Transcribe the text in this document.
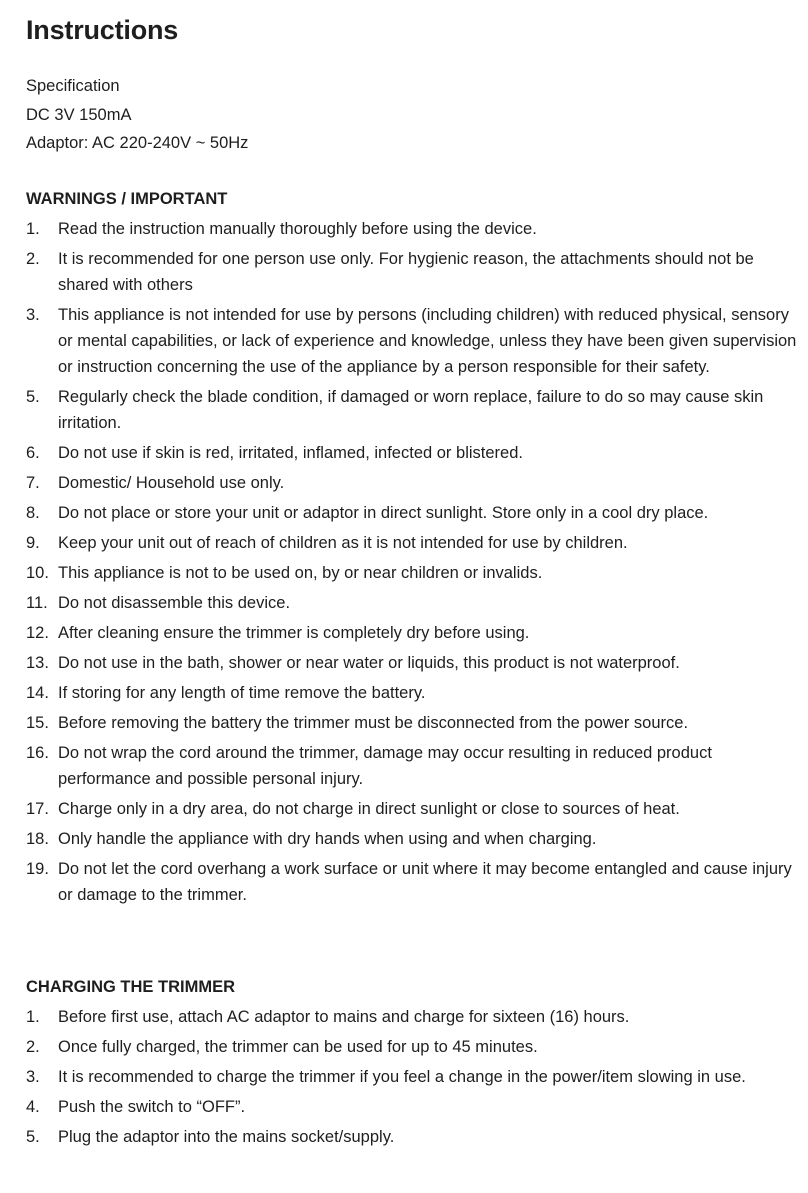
Instructions
Specification
DC 3V 150mA
Adaptor: AC 220-240V ~ 50Hz
WARNINGS / IMPORTANT
1.	Read the instruction manually thoroughly before using the device.
2.	It is recommended for one person use only. For hygienic reason, the attachments should not be shared with others
3.	This appliance is not intended for use by persons (including children) with reduced physical, sensory or mental capabilities, or lack of experience and knowledge, unless they have been given supervision or instruction concerning the use of the appliance by a person responsible for their safety.
5.	Regularly check the blade condition, if damaged or worn replace, failure to do so may cause skin irritation.
6.	Do not use if skin is red, irritated, inflamed, infected or blistered.
7.	Domestic/ Household use only.
8.	Do not place or store your unit or adaptor in direct sunlight. Store only in a cool dry place.
9.	Keep your unit out of reach of children as it is not intended for use by children.
10. This appliance is not to be used on, by or near children or invalids.
11. Do not disassemble this device.
12. After cleaning ensure the trimmer is completely dry before using.
13. Do not use in the bath, shower or near water or liquids, this product is not waterproof.
14. If storing for any length of time remove the battery.
15. Before removing the battery the trimmer must be disconnected from the power source.
16. Do not wrap the cord around the trimmer, damage may occur resulting in reduced product performance and possible personal injury.
17. Charge only in a dry area, do not charge in direct sunlight or close to sources of heat.
18. Only handle the appliance with dry hands when using and when charging.
19. Do not let the cord overhang a work surface or unit where it may become entangled and cause injury or damage to the trimmer.
CHARGING THE TRIMMER
1.	Before first use, attach AC adaptor to mains and charge for sixteen (16) hours.
2.	Once fully charged, the trimmer can be used for up to 45 minutes.
3.	It is recommended to charge the trimmer if you feel a change in the power/item slowing in use.
4.	Push the switch to “OFF”.
5.	Plug the adaptor into the mains socket/supply.
